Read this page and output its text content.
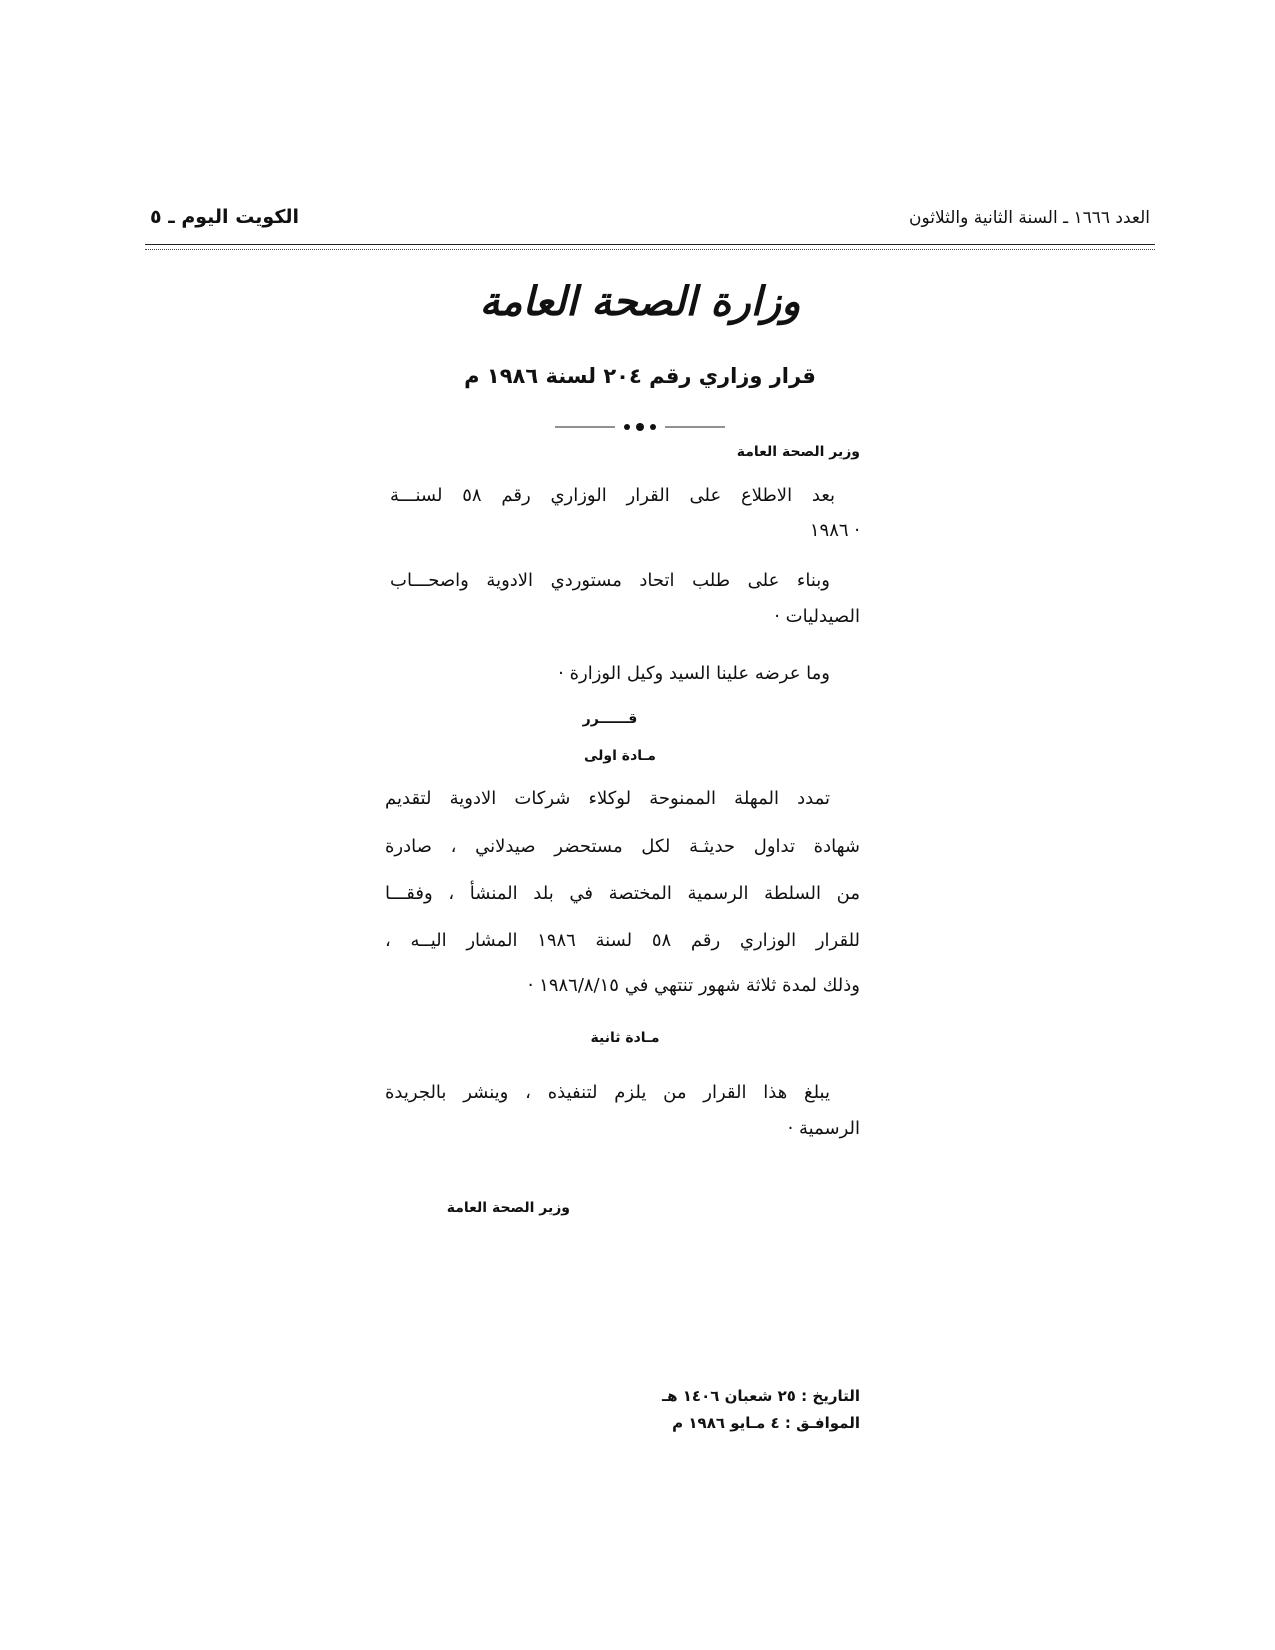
العدد ١٦٦٦ ـ السنة الثانية والثلاثون
الكويت اليوم ـ ٥
وزارة الصحة العامة
قرار وزاري رقم ٢٠٤ لسنة ١٩٨٦ م
وزير الصحة العامة
بعد الاطلاع على القرار الوزاري رقم ٥٨ لسنـــة
١٩٨٦ ·
وبناء على طلب اتحاد مستوردي الادوية واصحـــاب
الصيدليات ·
وما عرضه علينا السيد وكيل الوزارة ·
قــــــرر
مـادة اولى
تمدد المهلة الممنوحة لوكلاء شركات الادوية لتقديم
شهادة تداول حديثـة لكل مستحضر صيدلاني ، صادرة
من السلطة الرسمية المختصة في بلد المنشأ ، وفقـــا
للقرار الوزاري رقم ٥٨ لسنة ١٩٨٦ المشار اليــه ،
وذلك لمدة ثلاثة شهور تنتهي في ١٩٨٦/٨/١٥ ·
مـادة ثانية
يبلغ هذا القرار من يلزم لتنفيذه ، وينشر بالجريدة
الرسمية ·
وزير الصحة العامة
التاريخ : ٢٥ شعبان ١٤٠٦ هـ
الموافـق : ٤ مـايو ١٩٨٦ م
